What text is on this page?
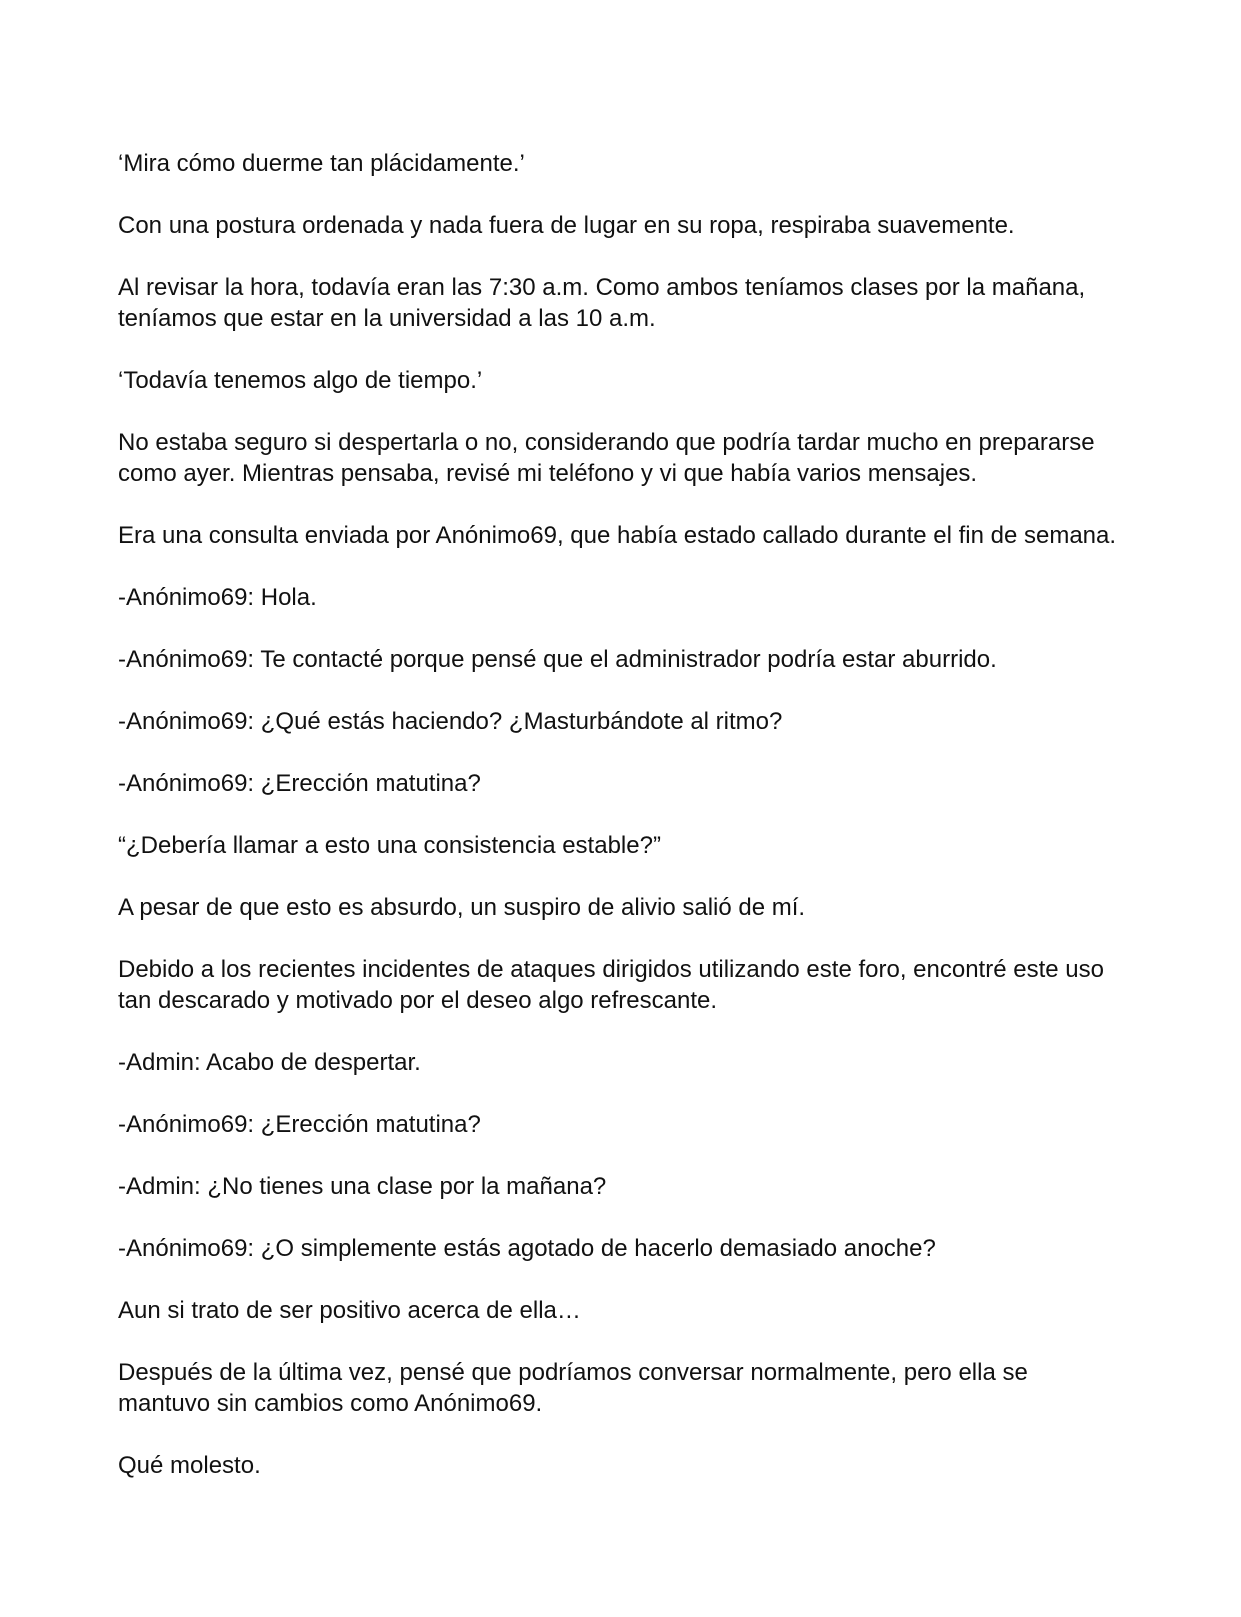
‘Mira cómo duerme tan plácidamente.’

Con una postura ordenada y nada fuera de lugar en su ropa, respiraba suavemente.

Al revisar la hora, todavía eran las 7:30 a.m. Como ambos teníamos clases por la mañana, teníamos que estar en la universidad a las 10 a.m.

‘Todavía tenemos algo de tiempo.’

No estaba seguro si despertarla o no, considerando que podría tardar mucho en prepararse como ayer. Mientras pensaba, revisé mi teléfono y vi que había varios mensajes.

Era una consulta enviada por Anónimo69, que había estado callado durante el fin de semana.

-Anónimo69: Hola.

-Anónimo69: Te contacté porque pensé que el administrador podría estar aburrido.

-Anónimo69: ¿Qué estás haciendo? ¿Masturbándote al ritmo?

-Anónimo69: ¿Erección matutina?

“¿Debería llamar a esto una consistencia estable?”

A pesar de que esto es absurdo, un suspiro de alivio salió de mí.

Debido a los recientes incidentes de ataques dirigidos utilizando este foro, encontré este uso tan descarado y motivado por el deseo algo refrescante.

-Admin: Acabo de despertar.

-Anónimo69: ¿Erección matutina?

-Admin: ¿No tienes una clase por la mañana?

-Anónimo69: ¿O simplemente estás agotado de hacerlo demasiado anoche?

Aun si trato de ser positivo acerca de ella…

Después de la última vez, pensé que podríamos conversar normalmente, pero ella se mantuvo sin cambios como Anónimo69.

Qué molesto.
